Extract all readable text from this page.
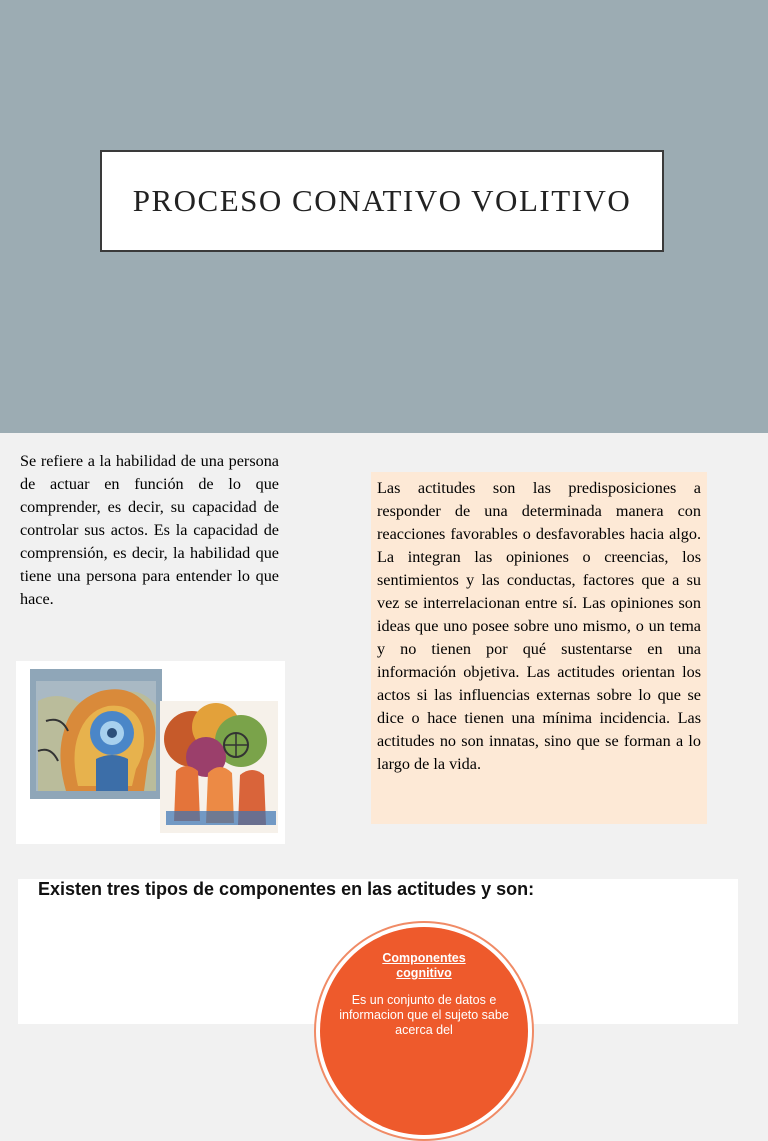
PROCESO CONATIVO VOLITIVO

Se refiere a la habilidad de una persona de actuar en función de lo que comprender, es decir, su capacidad de controlar sus actos. Es la capacidad de comprensión, es decir, la habilidad que tiene una persona para entender lo que hace.

Las actitudes son las predisposiciones a responder de una determinada manera con reacciones favorables o desfavorables hacia algo. La integran las opiniones o creencias, los sentimientos y las conductas, factores que a su vez se interrelacionan entre sí. Las opiniones son ideas que uno posee sobre uno mismo, o un tema y no tienen por qué sustentarse en una información objetiva. Las actitudes orientan los actos si las influencias externas sobre lo que se dice o hace tienen una mínima incidencia. Las actitudes no son innatas, sino que se forman a lo largo de la vida.

Existen tres tipos de componentes en las actitudes y son:
Componentes cognitivo
Es un conjunto de datos e informacion que el sujeto sabe acerca del
